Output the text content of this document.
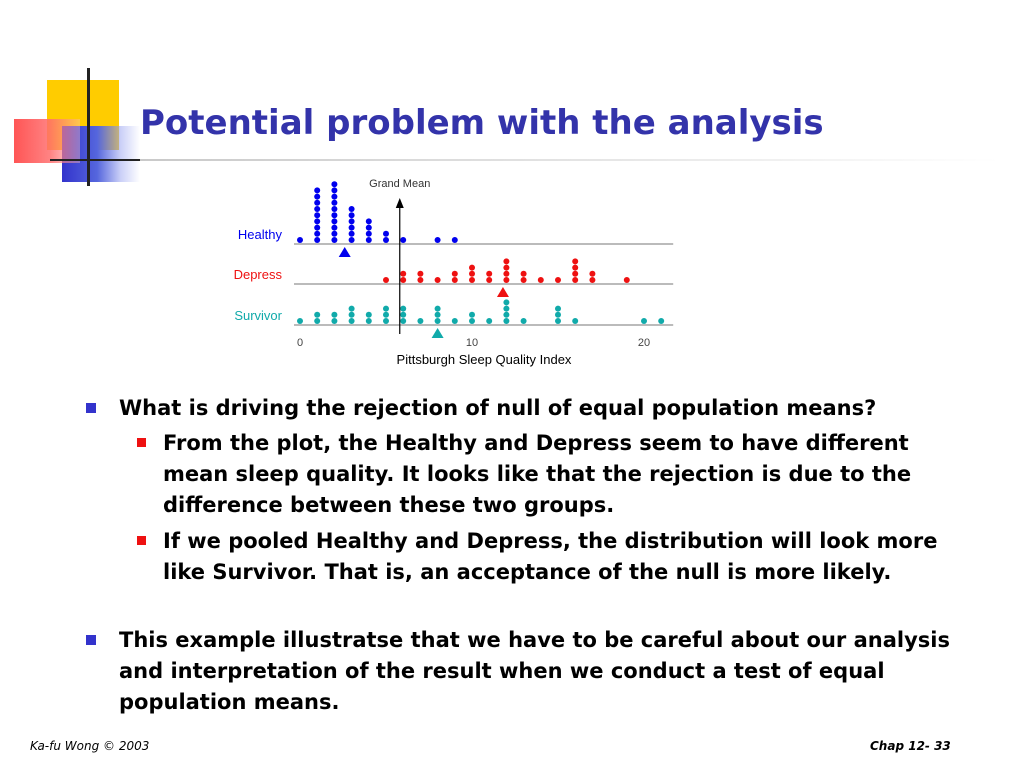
Potential problem with the analysis
Healthy
Depress
Survivor
Grand Mean
0	10	20
Pittsburgh Sleep Quality Index
What is driving the rejection of null of equal population means?
From the plot, the Healthy and Depress seem to have different mean sleep quality. It looks like that the rejection is due to the difference between these two groups.
If we pooled Healthy and Depress, the distribution will look more like Survivor. That is, an acceptance of the null is more likely.
This example illustratse that we have to be careful about our analysis and interpretation of the result when we conduct a test of equal population means.
Ka-fu Wong © 2003	Chap 12- 33
